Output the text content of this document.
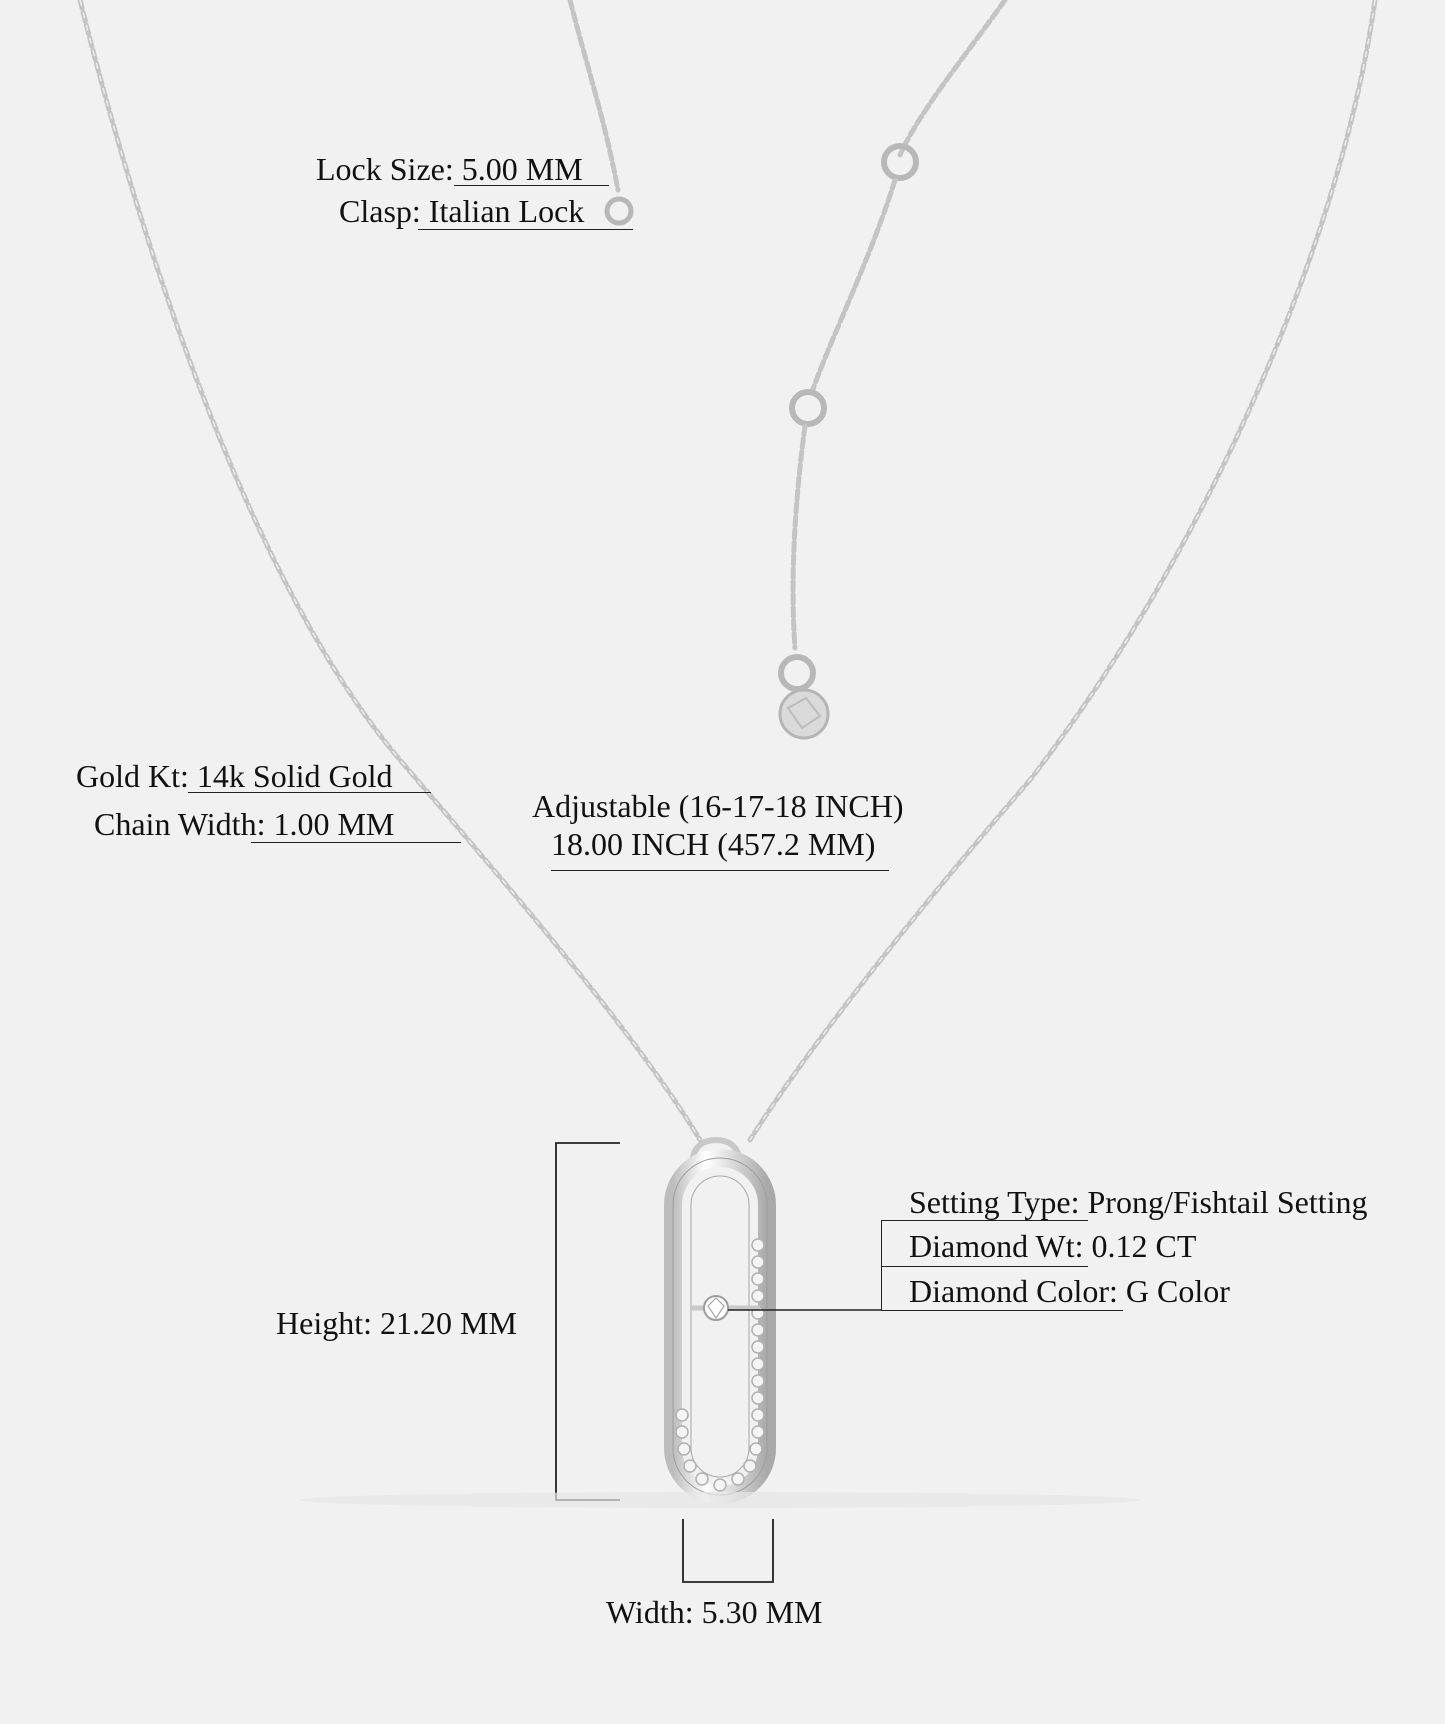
Lock Size: 5.00 MM
Clasp: Italian Lock
Gold Kt: 14k Solid Gold
Chain Width: 1.00 MM	Adjustable (16-17-18 INCH)
18.00 INCH (457.2 MM)
Setting Type: Prong/Fishtail Setting
Diamond Wt: 0.12 CT
Diamond Color: G Color
Height: 21.20 MM
Width: 5.30 MM
